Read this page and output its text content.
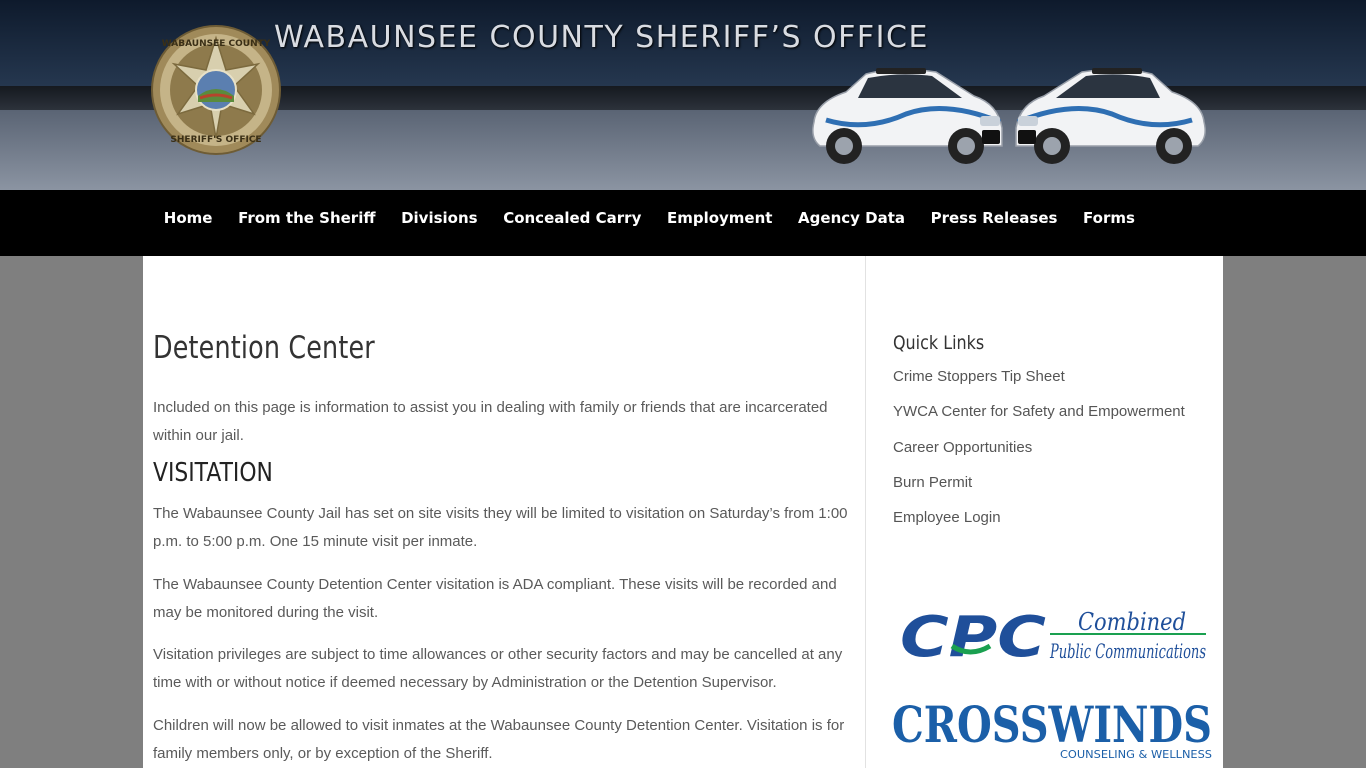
WABAUNSEE COUNTY
SHERIFF'S OFFICE
WABAUNSEE COUNTY SHERIFF’S OFFICE
Home	From the Sheriff	Divisions	Concealed Carry	Employment	Agency Data	Press Releases	Forms
Detention Center

Included on this page is information to assist you in dealing with family or friends that are incarcerated within our jail.

VISITATION

The Wabaunsee County Jail has set on site visits they will be limited to visitation on Saturday’s from 1:00 p.m. to 5:00 p.m. One 15 minute visit per inmate.

The Wabaunsee County Detention Center visitation is ADA compliant. These visits will be recorded and may be monitored during the visit.

Visitation privileges are subject to time allowances or other security factors and may be cancelled at any time with or without notice if deemed necessary by Administration or the Detention Supervisor.

Children will now be allowed to visit inmates at the Wabaunsee County Detention Center. Visitation is for family members only, or by exception of the Sheriff.

Quick Links
Crime Stoppers Tip Sheet
YWCA Center for Safety and Empowerment
Career Opportunities
Burn Permit
Employee Login
CPC Combined
Public Communications
CROSSWINDS
COUNSELING & WELLNESS
